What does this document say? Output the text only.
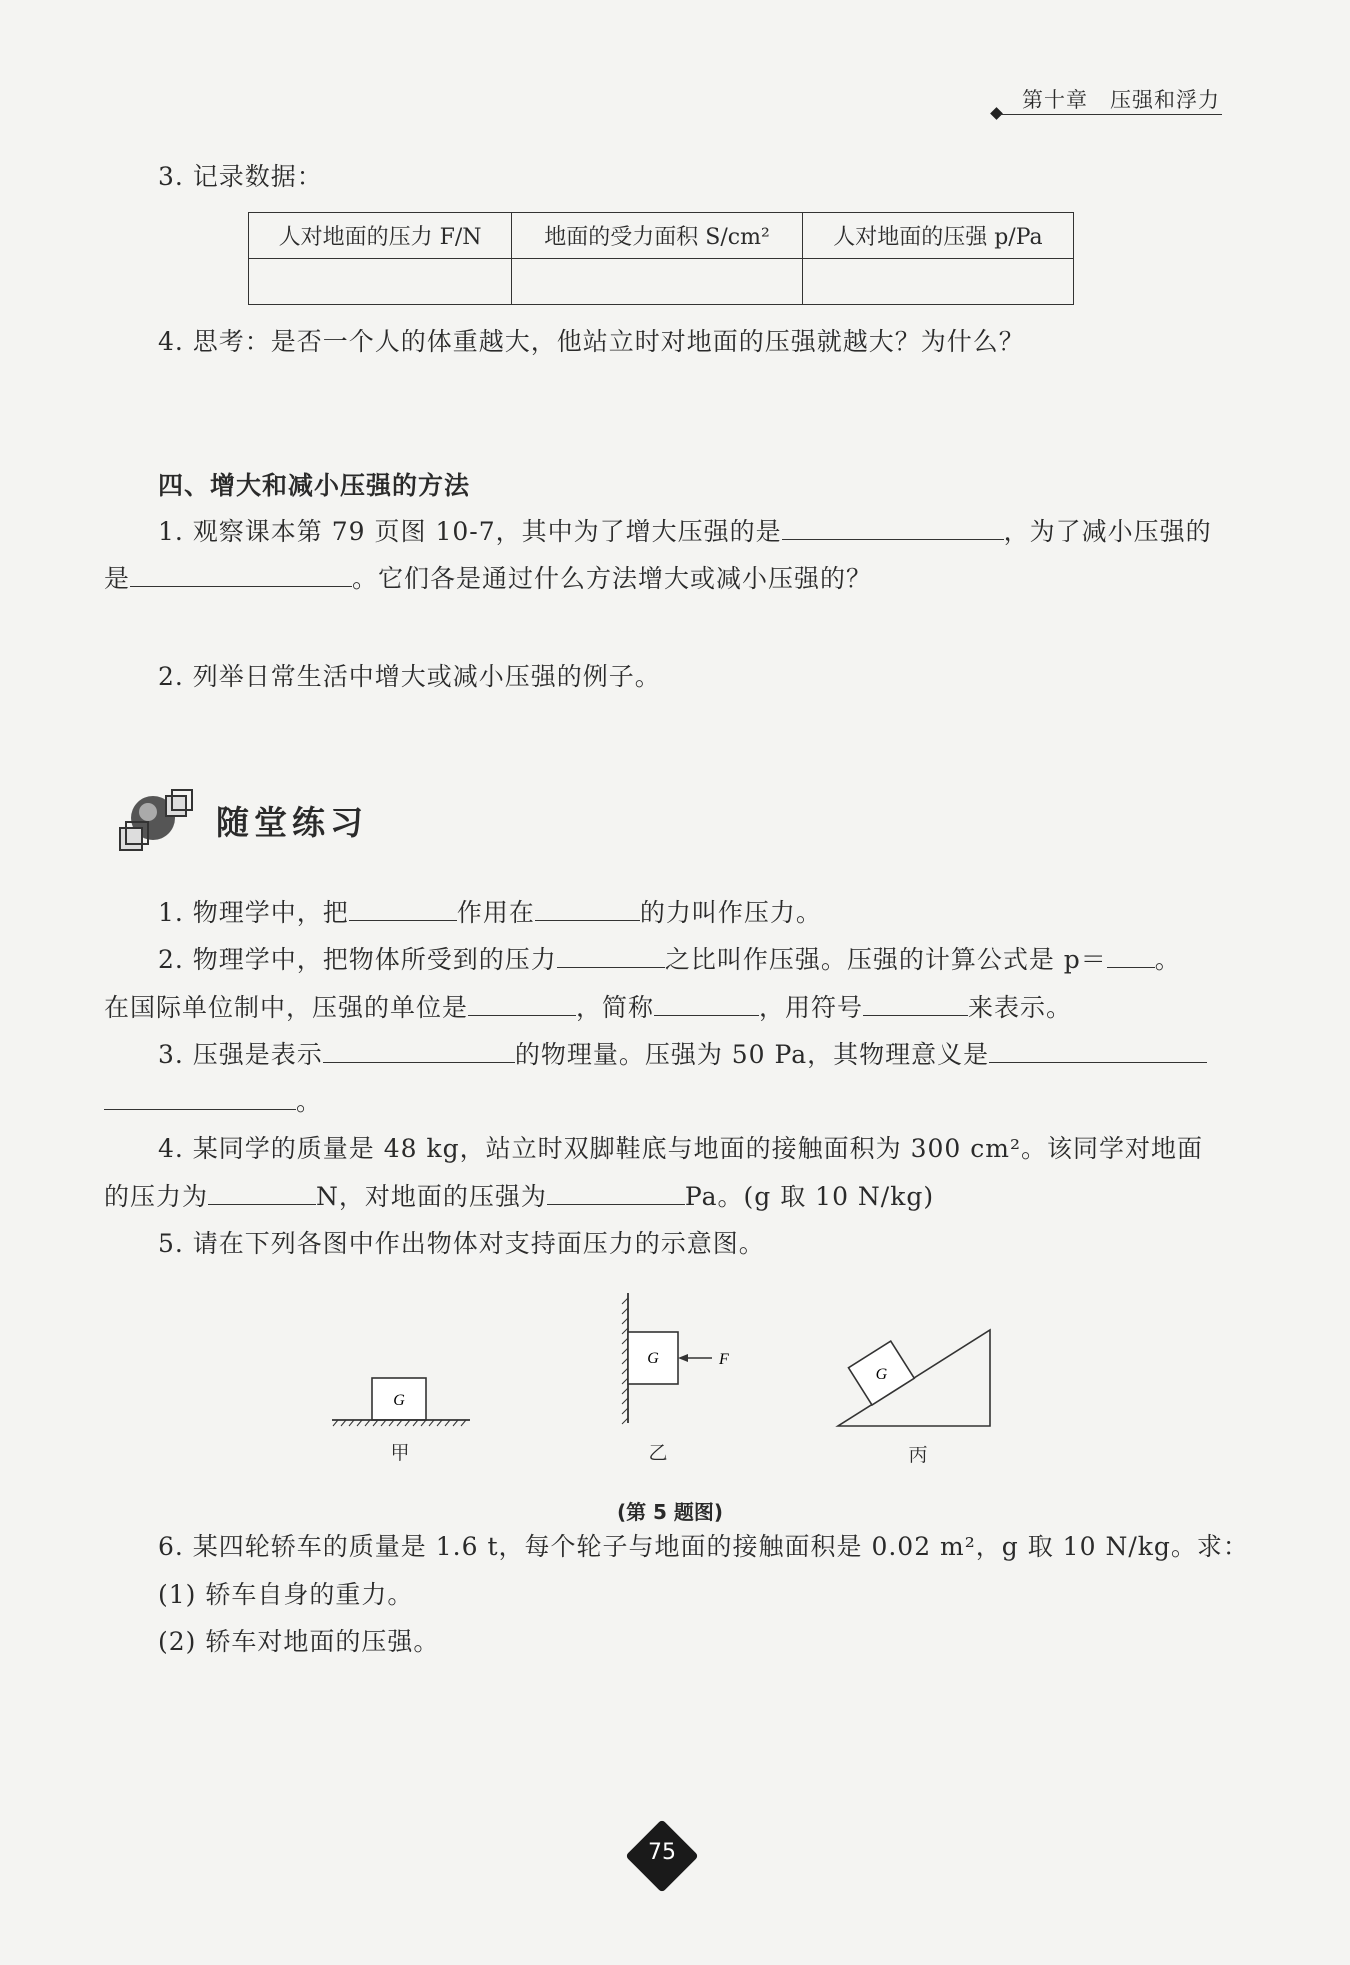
第十章　压强和浮力
3. 记录数据：
人对地面的压力 F/N	地面的受力面积 S/cm²	人对地面的压强 p/Pa

4. 思考：是否一个人的体重越大，他站立时对地面的压强就越大？为什么？
四、增大和减小压强的方法
1. 观察课本第 79 页图 10-7，其中为了增大压强的是	，为了减小压强的
是	。它们各是通过什么方法增大或减小压强的？
2. 列举日常生活中增大或减小压强的例子。
随堂练习
1. 物理学中，把	作用在	的力叫作压力。
2. 物理学中，把物体所受到的压力	之比叫作压强。压强的计算公式是 p＝ 。
在国际单位制中，压强的单位是	，简称	，用符号	来表示。
3. 压强是表示	的物理量。压强为 50 Pa，其物理意义是
。
4. 某同学的质量是 48 kg，站立时双脚鞋底与地面的接触面积为 300 cm²。该同学对地面
的压力为	N，对地面的压强为	Pa。(g 取 10 N/kg)
5. 请在下列各图中作出物体对支持面压力的示意图。
G
甲
G	F
乙
G
丙
(第 5 题图)
6. 某四轮轿车的质量是 1.6 t，每个轮子与地面的接触面积是 0.02 m²，g 取 10 N/kg。求：
(1) 轿车自身的重力。
(2) 轿车对地面的压强。
75
